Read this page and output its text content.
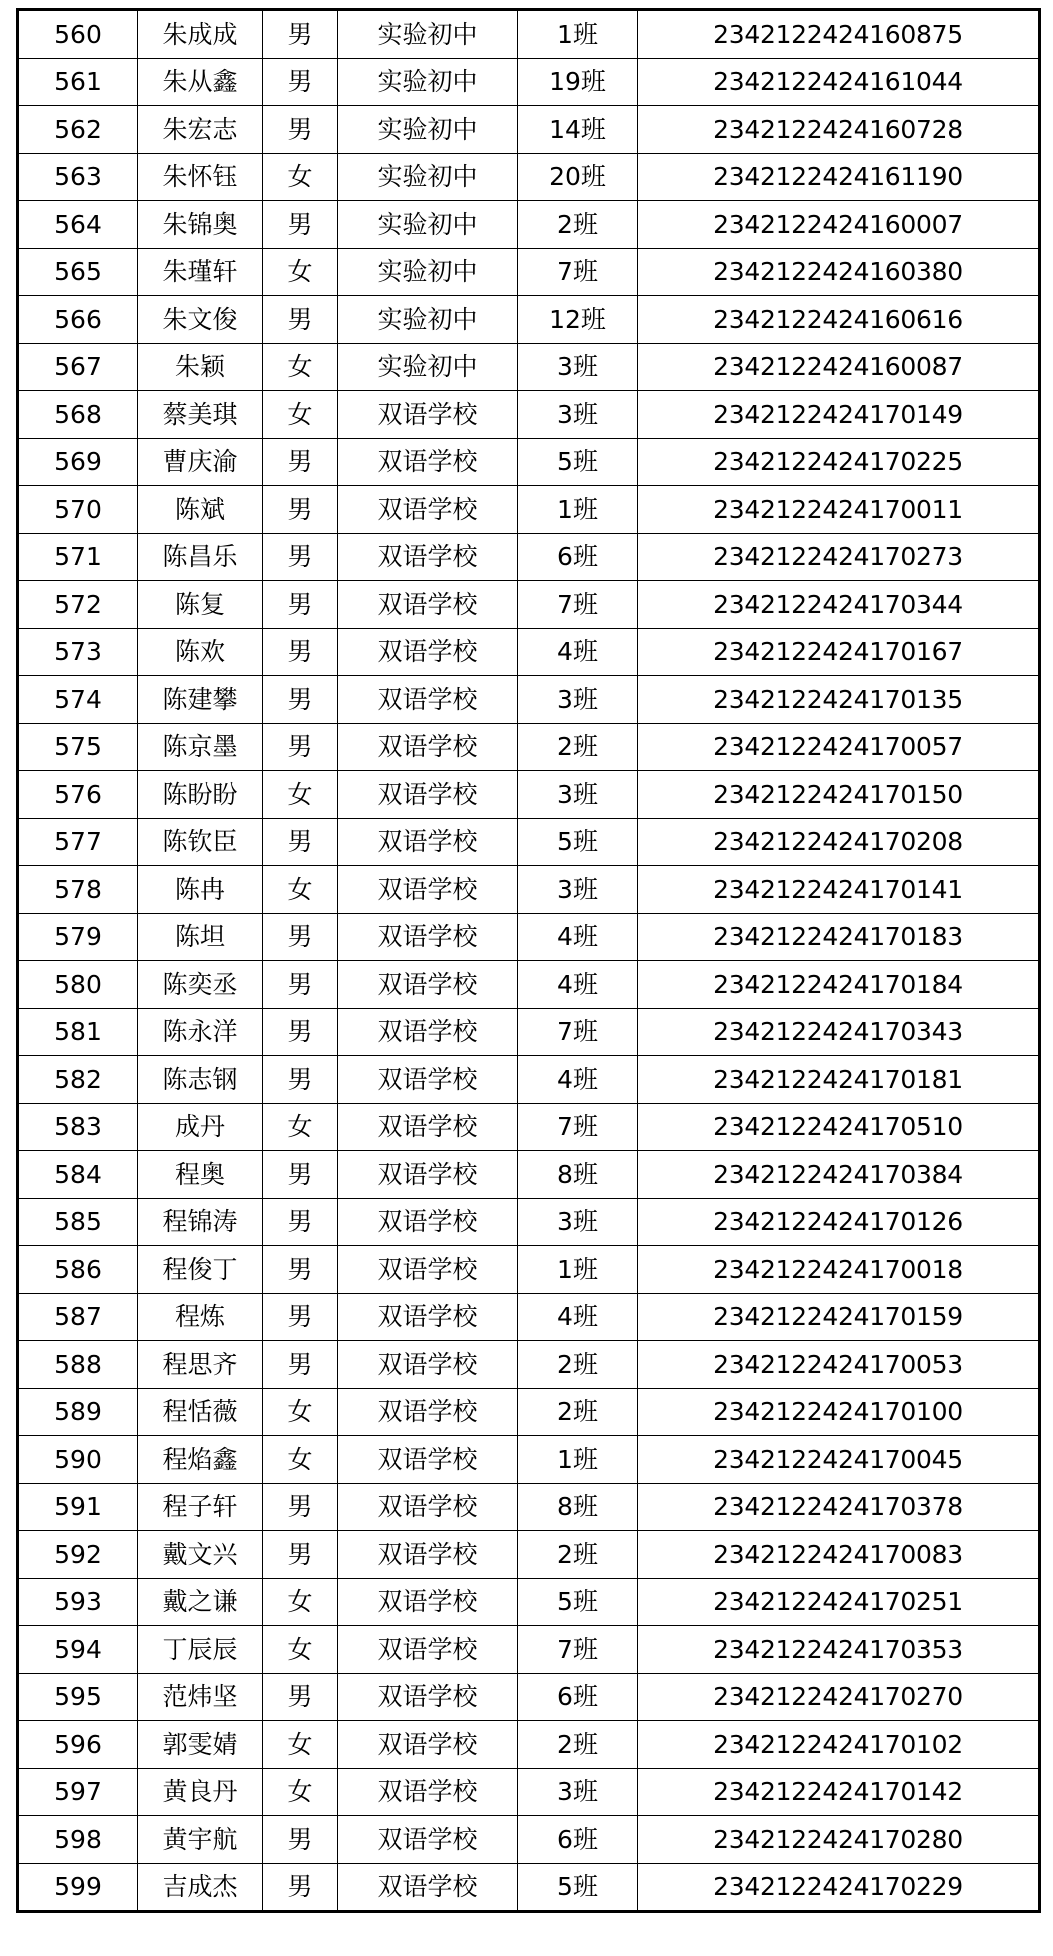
560	朱成成	男	实验初中	1班	2342122424160875
561	朱从鑫	男	实验初中	19班	2342122424161044
562	朱宏志	男	实验初中	14班	2342122424160728
563	朱怀钰	女	实验初中	20班	2342122424161190
564	朱锦奥	男	实验初中	2班	2342122424160007
565	朱瑾轩	女	实验初中	7班	2342122424160380
566	朱文俊	男	实验初中	12班	2342122424160616
567	朱颖	女	实验初中	3班	2342122424160087
568	蔡美琪	女	双语学校	3班	2342122424170149
569	曹庆渝	男	双语学校	5班	2342122424170225
570	陈斌	男	双语学校	1班	2342122424170011
571	陈昌乐	男	双语学校	6班	2342122424170273
572	陈复	男	双语学校	7班	2342122424170344
573	陈欢	男	双语学校	4班	2342122424170167
574	陈建攀	男	双语学校	3班	2342122424170135
575	陈京墨	男	双语学校	2班	2342122424170057
576	陈盼盼	女	双语学校	3班	2342122424170150
577	陈钦臣	男	双语学校	5班	2342122424170208
578	陈冉	女	双语学校	3班	2342122424170141
579	陈坦	男	双语学校	4班	2342122424170183
580	陈奕丞	男	双语学校	4班	2342122424170184
581	陈永洋	男	双语学校	7班	2342122424170343
582	陈志钢	男	双语学校	4班	2342122424170181
583	成丹	女	双语学校	7班	2342122424170510
584	程奥	男	双语学校	8班	2342122424170384
585	程锦涛	男	双语学校	3班	2342122424170126
586	程俊丁	男	双语学校	1班	2342122424170018
587	程炼	男	双语学校	4班	2342122424170159
588	程思齐	男	双语学校	2班	2342122424170053
589	程恬薇	女	双语学校	2班	2342122424170100
590	程焰鑫	女	双语学校	1班	2342122424170045
591	程子轩	男	双语学校	8班	2342122424170378
592	戴文兴	男	双语学校	2班	2342122424170083
593	戴之谦	女	双语学校	5班	2342122424170251
594	丁辰辰	女	双语学校	7班	2342122424170353
595	范炜坚	男	双语学校	6班	2342122424170270
596	郭雯婧	女	双语学校	2班	2342122424170102
597	黄良丹	女	双语学校	3班	2342122424170142
598	黄宇航	男	双语学校	6班	2342122424170280
599	吉成杰	男	双语学校	5班	2342122424170229
